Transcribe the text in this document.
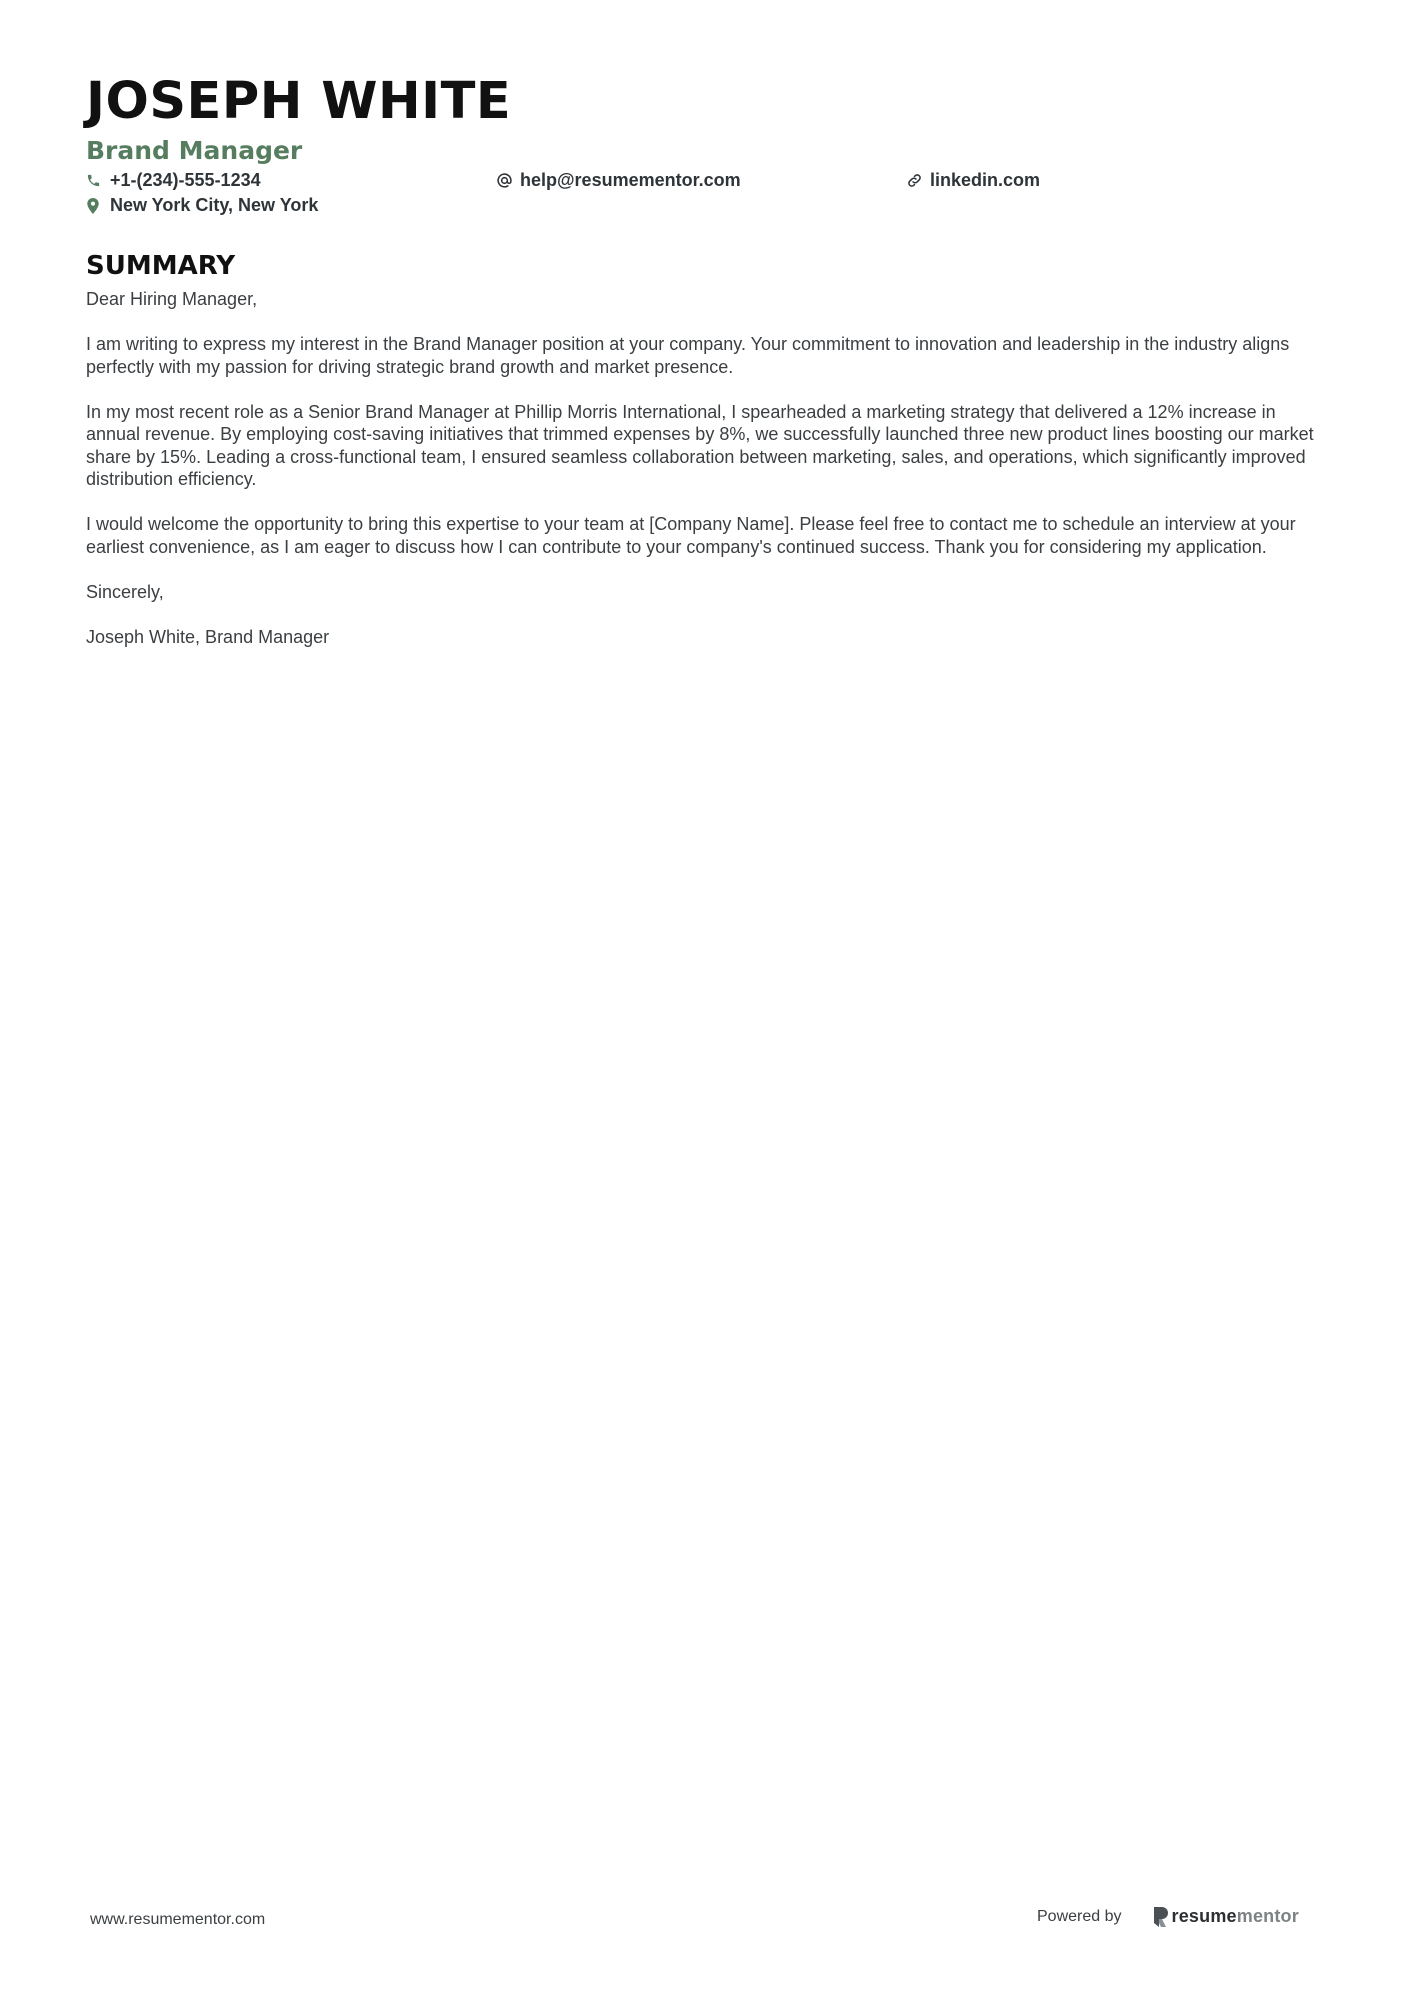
JOSEPH WHITE
Brand Manager
+1-(234)-555-1234	help@resumementor.com	linkedin.com
New York City, New York
SUMMARY

Dear Hiring Manager,

I am writing to express my interest in the Brand Manager position at your company. Your commitment to innovation and leadership in the industry aligns perfectly with my passion for driving strategic brand growth and market presence.

In my most recent role as a Senior Brand Manager at Phillip Morris International, I spearheaded a marketing strategy that delivered a 12% increase in annual revenue. By employing cost-saving initiatives that trimmed expenses by 8%, we successfully launched three new product lines boosting our market share by 15%. Leading a cross-functional team, I ensured seamless collaboration between marketing, sales, and operations, which significantly improved distribution efficiency.

I would welcome the opportunity to bring this expertise to your team at [Company Name]. Please feel free to contact me to schedule an interview at your earliest convenience, as I am eager to discuss how I can contribute to your company's continued success. Thank you for considering my application.

Sincerely,

Joseph White, Brand Manager

www.resumementor.com	Powered by	resume mentor
